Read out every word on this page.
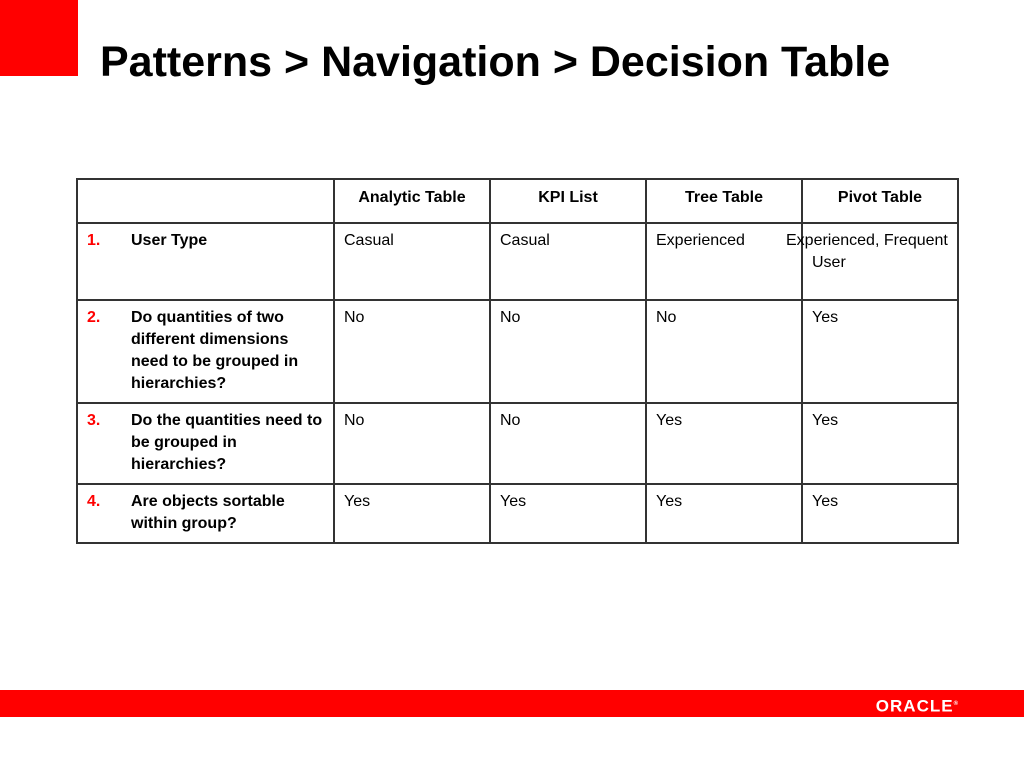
Patterns > Navigation > Decision Table
	Analytic Table	KPI List	Tree Table	Pivot Table

1. User Type	Casual	Casual	Experienced	Experienced, Frequent User

2. Do quantities of two different dimensions need to be grouped in hierarchies?	No	No	No	Yes

3. Do the quantities need to be grouped in hierarchies?	No	No	Yes	Yes

4. Are objects sortable within group?	Yes	Yes	Yes	Yes
ORACLE®
